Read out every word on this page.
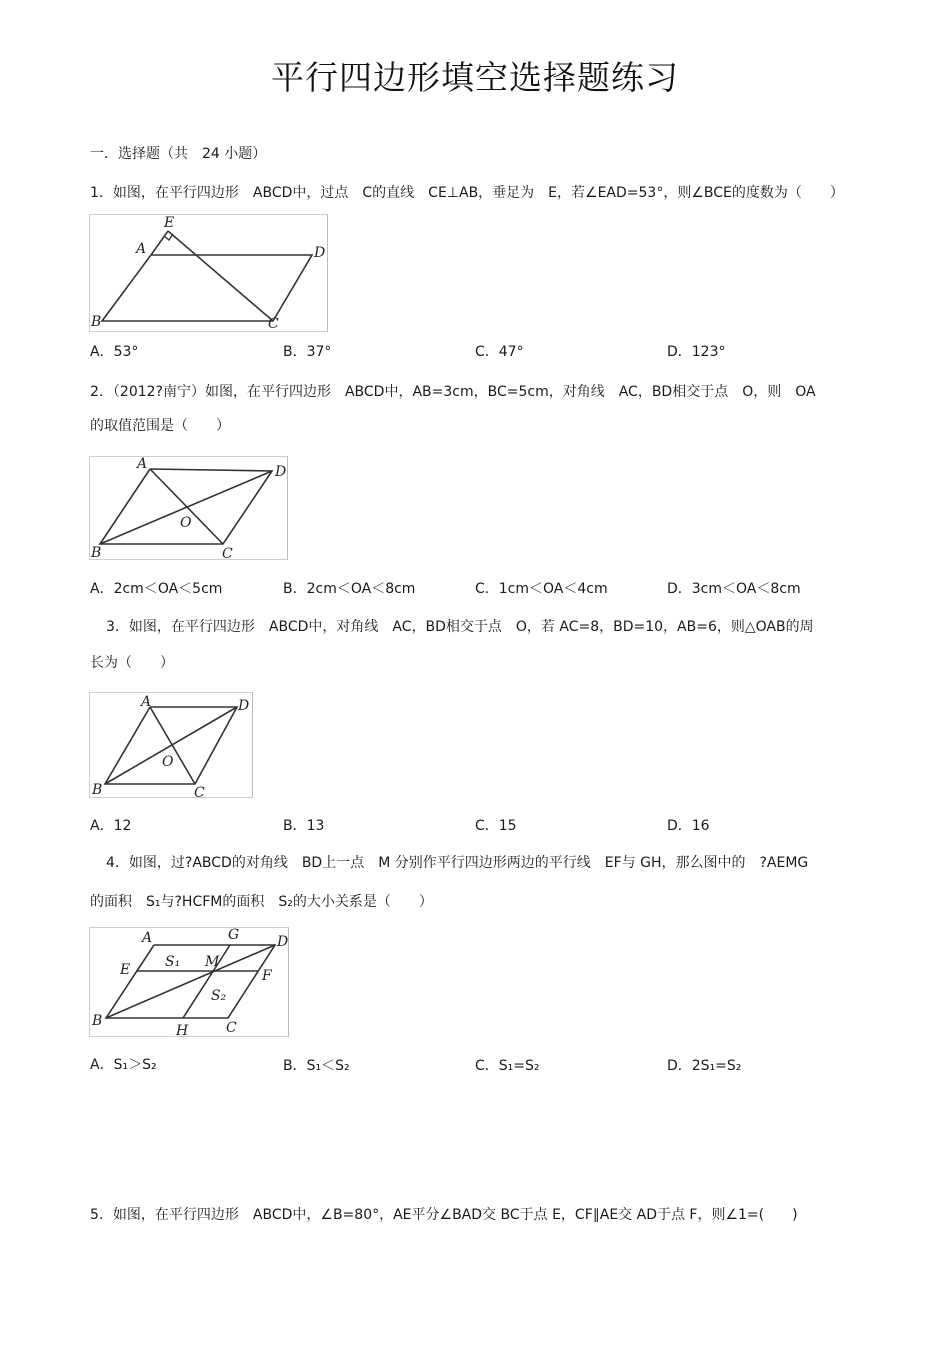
平行四边形填空选择题练习
一．选择题（共　24 小题）
1．如图，在平行四边形　ABCD中，过点　C的直线　CE⊥AB，垂足为　E，若∠EAD=53°，则∠BCE的度数为（　　）
E
A	D
B	C
A．53°	B．37°	C．47°	D．123°
2．（2012?南宁）如图，在平行四边形　ABCD中，AB=3cm，BC=5cm，对角线　AC，BD相交于点　O，则　OA
的取值范围是（　　）
A	D
O
B	C
A．2cm＜OA＜5cm	B．2cm＜OA＜8cm	C．1cm＜OA＜4cm	D．3cm＜OA＜8cm
3．如图，在平行四边形　ABCD中，对角线　AC，BD相交于点　O，若 AC=8，BD=10，AB=6，则△OAB的周
长为（　　）
A	D
O
B	C
A．12	B．13	C．15	D．16
4．如图，过?ABCD的对角线　BD上一点　M 分别作平行四边形两边的平行线　EF与 GH，那么图中的　?AEMG
的面积　S₁与?HCFM的面积　S₂的大小关系是（　　）
A	G	D
E S₁ M
F
S₂
B
H	C
A．S₁＞S₂	B．S₁＜S₂	C．S₁=S₂	D．2S₁=S₂
5．如图，在平行四边形　ABCD中，∠B=80°，AE平分∠BAD交 BC于点 E，CF∥AE交 AD于点 F，则∠1=(　　)
